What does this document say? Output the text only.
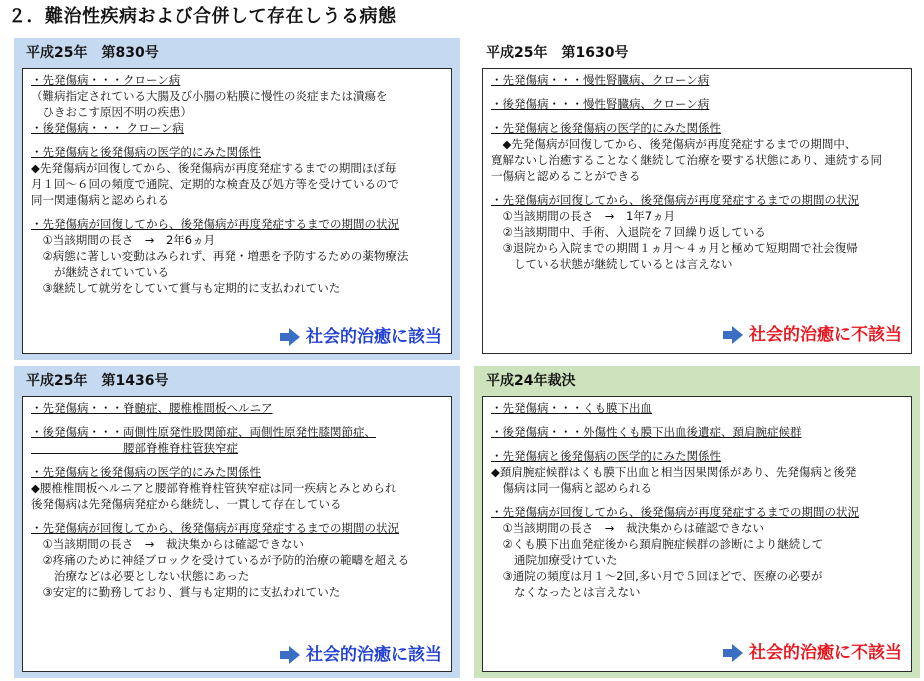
２．難治性疾病および合併して存在しうる病態
平成25年　第830号
・先発傷病・・・クローン病
（難病指定されている大腸及び小腸の粘膜に慢性の炎症または潰瘍を
　ひきおこす原因不明の疾患）
・後発傷病・・・ クローン病
・先発傷病と後発傷病の医学的にみた関係性
◆先発傷病が回復してから、後発傷病が再度発症するまでの期間ほぼ毎
月１回～６回の頻度で通院、定期的な検査及び処方等を受けているので
同一関連傷病と認められる
・先発傷病が回復してから、後発傷病が再度発症するまでの期間の状況
　①当該期間の長さ　→　2年6ヵ月
　②病態に著しい変動はみられず、再発・増悪を予防するための薬物療法
　　が継続されていている
　③継続して就労をしていて賞与も定期的に支払われていた
社会的治癒に該当
平成25年　第1630号
・先発傷病・・・慢性腎臓病、クローン病
・後発傷病・・・慢性腎臓病、クローン病
・先発傷病と後発傷病の医学的にみた関係性
　◆先発傷病が回復してから、後発傷病が再度発症するまでの期間中、
寛解ないし治癒することなく継続して治療を要する状態にあり、連続する同
一傷病と認めることができる
・先発傷病が回復してから、後発傷病が再度発症するまでの期間の状況
　①当該期間の長さ　→　1年7ヵ月
　②当該期間中、手術、入退院を７回繰り返している
　③退院から入院までの期間１ヵ月～４ヵ月と極めて短期間で社会復帰
　　している状態が継続しているとは言えない
社会的治癒に不該当
平成25年　第1436号
・先発傷病・・・脊髄症、腰椎椎間板ヘルニア
・後発傷病・・・両側性原発性股関節症、両側性原発性膝関節症、
　　　　　　　　腰部脊椎脊柱管狭窄症
・先発傷病と後発傷病の医学的にみた関係性
◆腰椎椎間板ヘルニアと腰部脊椎脊柱管狭窄症は同一疾病とみとめられ
後発傷病は先発傷病発症から継続し、一貫して存在している
・先発傷病が回復してから、後発傷病が再度発症するまでの期間の状況
　①当該期間の長さ　→　裁決集からは確認できない
　②疼痛のために神経ブロックを受けているが予防的治療の範疇を超える
　　治療などは必要としない状態にあった
　③安定的に勤務しており、賞与も定期的に支払われていた
社会的治癒に該当
平成24年裁決
・先発傷病・・・くも膜下出血
・後発傷病・・・外傷性くも膜下出血後遺症、頚肩腕症候群
・先発傷病と後発傷病の医学的にみた関係性
◆頚肩腕症候群はくも膜下出血と相当因果関係があり、先発傷病と後発
　傷病は同一傷病と認められる
・先発傷病が回復してから、後発傷病が再度発症するまでの期間の状況
　①当該期間の長さ　→　裁決集からは確認できない
　②くも膜下出血発症後から頚肩腕症候群の診断により継続して
　　通院加療受けていた
　③通院の頻度は月１～2回,多い月で５回ほどで、医療の必要が
　　なくなったとは言えない
社会的治癒に不該当
